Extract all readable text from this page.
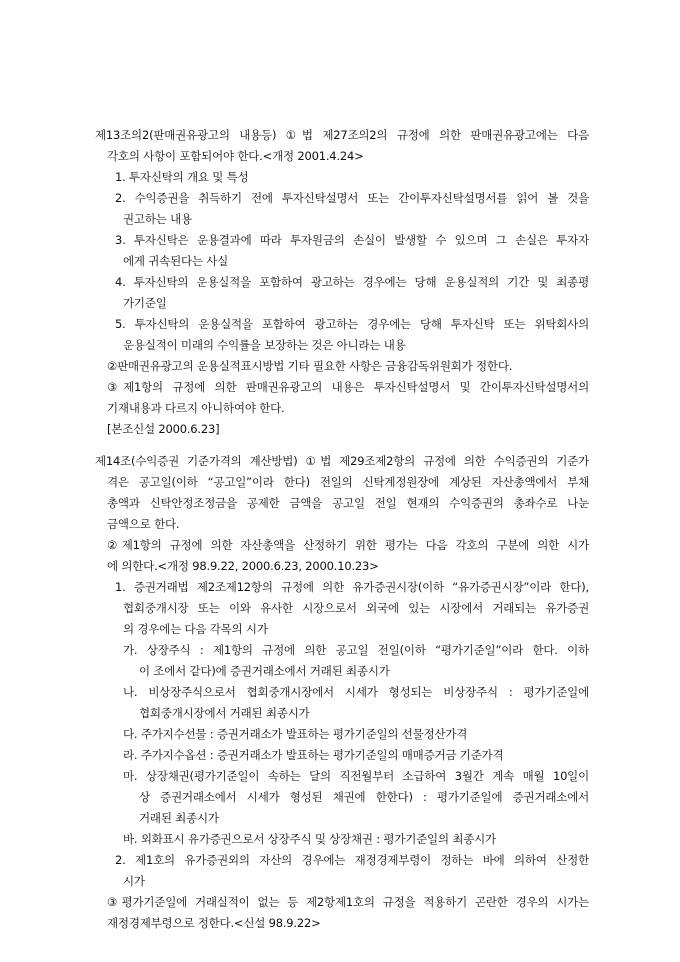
제13조의2(판매권유광고의 내용등) ①법 제27조의2의 규정에 의한 판매권유광고에는 다음
각호의 사항이 포함되어야 한다.<개정 2001.4.24>
1. 투자신탁의 개요 및 특성
2. 수익증권을 취득하기 전에 투자신탁설명서 또는 간이투자신탁설명서를 읽어 볼 것을
권고하는 내용
3. 투자신탁은 운용결과에 따라 투자원금의 손실이 발생할 수 있으며 그 손실은 투자자
에게 귀속된다는 사실
4. 투자신탁의 운용실적을 포함하여 광고하는 경우에는 당해 운용실적의 기간 및 최종평
가기준일
5. 투자신탁의 운용실적을 포함하여 광고하는 경우에는 당해 투자신탁 또는 위탁회사의
운용실적이 미래의 수익률을 보장하는 것은 아니라는 내용
②판매권유광고의 운용실적표시방법 기타 필요한 사항은 금융감독위원회가 정한다.
③제1항의 규정에 의한 판매권유광고의 내용은 투자신탁설명서 및 간이투자신탁설명서의
기재내용과 다르지 아니하여야 한다.
[본조신설 2000.6.23]
제14조(수익증권 기준가격의 계산방법) ①법 제29조제2항의 규정에 의한 수익증권의 기준가
격은 공고일(이하 “공고일”이라 한다) 전일의 신탁계정원장에 계상된 자산총액에서 부채
총액과 신탁안정조정금을 공제한 금액을 공고일 전일 현재의 수익증권의 총좌수로 나눈
금액으로 한다.
②제1항의 규정에 의한 자산총액을 산정하기 위한 평가는 다음 각호의 구분에 의한 시가
에 의한다.<개정 98.9.22, 2000.6.23, 2000.10.23>
1. 증권거래법 제2조제12항의 규정에 의한 유가증권시장(이하 “유가증권시장”이라 한다),
협회중개시장 또는 이와 유사한 시장으로서 외국에 있는 시장에서 거래되는 유가증권
의 경우에는 다음 각목의 시가
가. 상장주식 : 제1항의 규정에 의한 공고일 전일(이하 “평가기준일”이라 한다. 이하
이 조에서 같다)에 증권거래소에서 거래된 최종시가
나. 비상장주식으로서 협회중개시장에서 시세가 형성되는 비상장주식 : 평가기준일에
협회중개시장에서 거래된 최종시가
다. 주가지수선물 : 증권거래소가 발표하는 평가기준일의 선물정산가격
라. 주가지수옵션 : 증권거래소가 발표하는 평가기준일의 매매증거금 기준가격
마. 상장채권(평가기준일이 속하는 달의 직전월부터 소급하여 3월간 계속 매월 10일이
상 증권거래소에서 시세가 형성된 채권에 한한다) : 평가기준일에 증권거래소에서
거래된 최종시가
바. 외화표시 유가증권으로서 상장주식 및 상장채권 : 평가기준일의 최종시가
2. 제1호의 유가증권외의 자산의 경우에는 재정경제부령이 정하는 바에 의하여 산정한
시가
③평가기준일에 거래실적이 없는 등 제2항제1호의 규정을 적용하기 곤란한 경우의 시가는
재정경제부령으로 정한다.<신설 98.9.22>
